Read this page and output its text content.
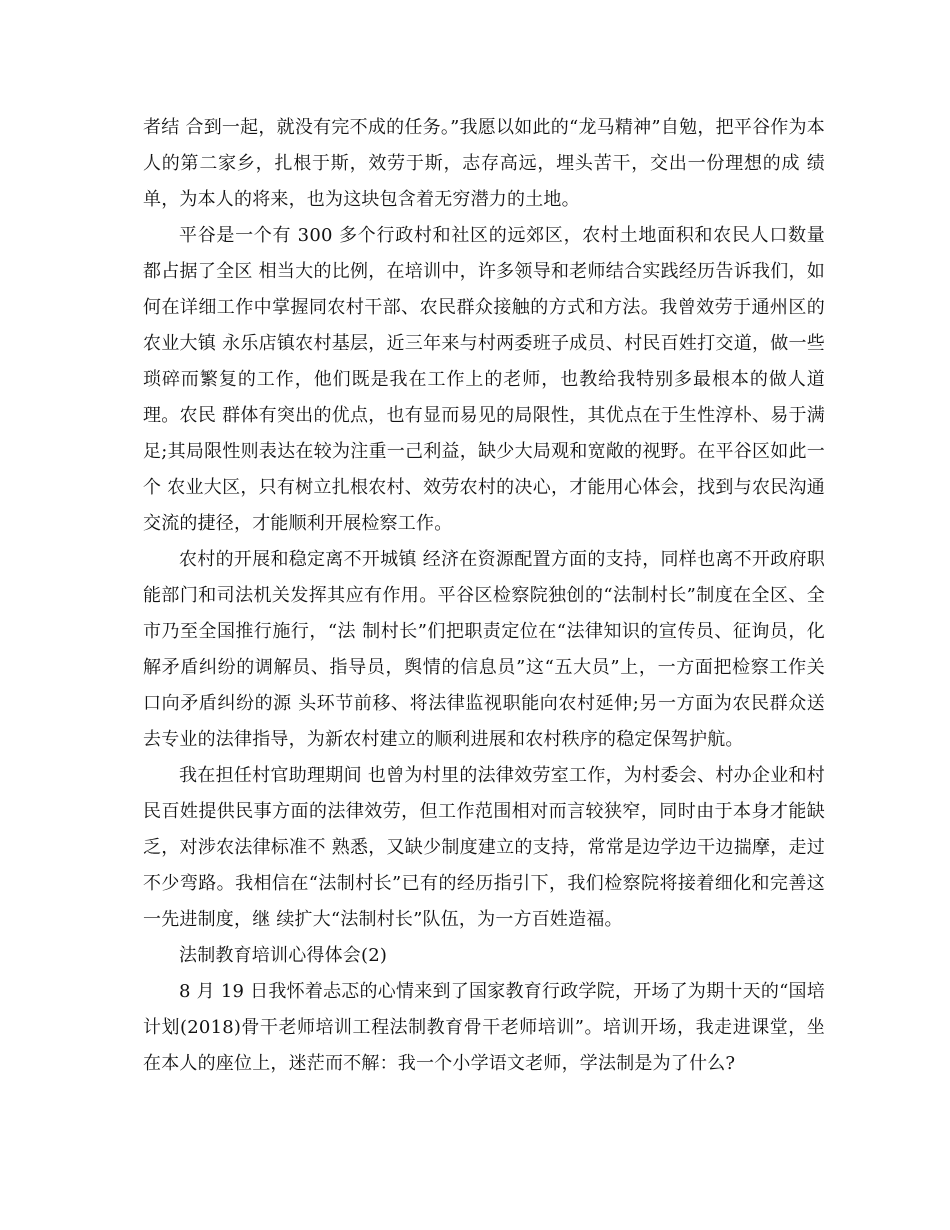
者结 合到一起，就没有完不成的任务。”我愿以如此的“龙马精神”自勉，把平谷作为本人的第二家乡，扎根于斯，效劳于斯，志存高远，埋头苦干，交出一份理想的成 绩单，为本人的将来，也为这块包含着无穷潜力的土地。

平谷是一个有 300 多个行政村和社区的远郊区，农村土地面积和农民人口数量都占据了全区 相当大的比例，在培训中，许多领导和老师结合实践经历告诉我们，如何在详细工作中掌握同农村干部、农民群众接触的方式和方法。我曾效劳于通州区的农业大镇 永乐店镇农村基层，近三年来与村两委班子成员、村民百姓打交道，做一些琐碎而繁复的工作，他们既是我在工作上的老师，也教给我特别多最根本的做人道理。农民 群体有突出的优点，也有显而易见的局限性，其优点在于生性淳朴、易于满足;其局限性则表达在较为注重一己利益，缺少大局观和宽敞的视野。在平谷区如此一个 农业大区，只有树立扎根农村、效劳农村的决心，才能用心体会，找到与农民沟通交流的捷径，才能顺利开展检察工作。

农村的开展和稳定离不开城镇 经济在资源配置方面的支持，同样也离不开政府职能部门和司法机关发挥其应有作用。平谷区检察院独创的“法制村长”制度在全区、全市乃至全国推行施行，“法 制村长”们把职责定位在“法律知识的宣传员、征询员，化解矛盾纠纷的调解员、指导员，舆情的信息员”这“五大员”上，一方面把检察工作关口向矛盾纠纷的源 头环节前移、将法律监视职能向农村延伸;另一方面为农民群众送去专业的法律指导，为新农村建立的顺利进展和农村秩序的稳定保驾护航。

我在担任村官助理期间 也曾为村里的法律效劳室工作，为村委会、村办企业和村民百姓提供民事方面的法律效劳，但工作范围相对而言较狭窄，同时由于本身才能缺乏，对涉农法律标准不 熟悉，又缺少制度建立的支持，常常是边学边干边揣摩，走过不少弯路。我相信在“法制村长”已有的经历指引下，我们检察院将接着细化和完善这一先进制度，继 续扩大“法制村长”队伍，为一方百姓造福。

法制教育培训心得体会(2)

8 月 19 日我怀着忐忑的心情来到了国家教育行政学院，开场了为期十天的“国培计划(2018)骨干老师培训工程法制教育骨干老师培训”。培训开场，我走进课堂，坐在本人的座位上，迷茫而不解：我一个小学语文老师，学法制是为了什么?
